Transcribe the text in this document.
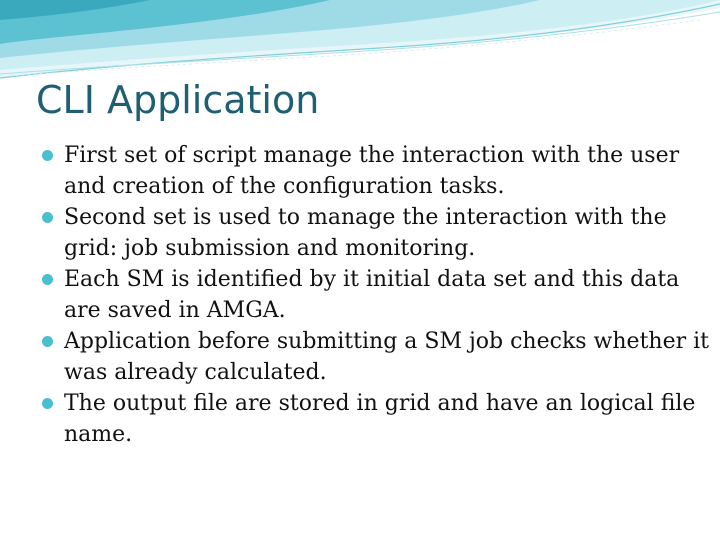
CLI Application
First set of script manage the interaction with the user and creation of the configuration tasks.
Second set is used to manage the interaction with the grid: job submission and monitoring.
Each SM is identified by it initial data set and this data are saved in AMGA.
Application before submitting a SM job checks whether it was already calculated.
The output file are stored in grid and have an logical file name.
